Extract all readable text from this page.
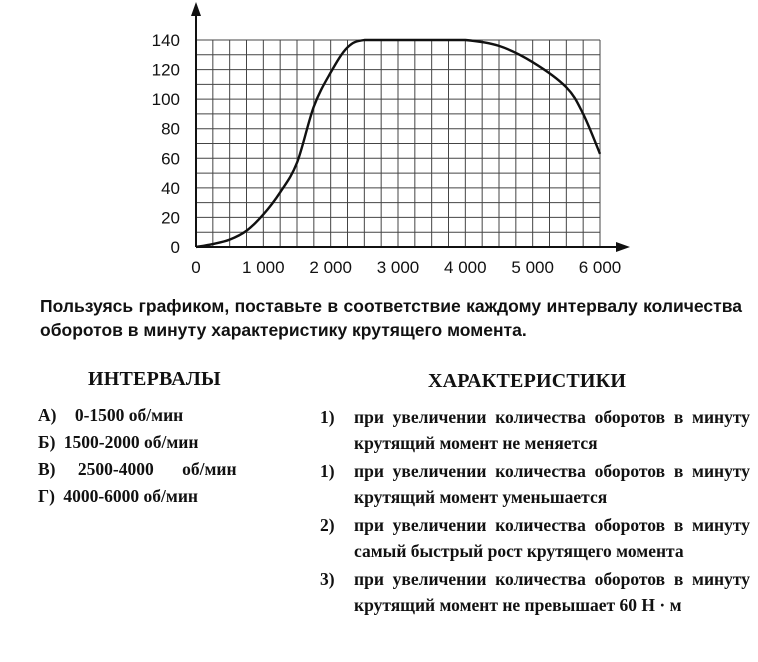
0 1 000 2 000 3 000 4 000 5 000 6 000
0
20
40
60
80
100
120
140
Пользуясь графиком, поставьте в соответствие каждому интервалу количества оборотов в минуту характеристику крутящего момента.
ИНТЕРВАЛЫ	ХАРАКТЕРИСТИКИ
А) 0-1500 об/мин
Б) 1500-2000 об/мин
В) 2500-4000 об/мин
Г) 4000-6000 об/мин
1)	при увеличении количества оборотов в минуту крутящий момент не меняется
1)	при увеличении количества оборотов в минуту крутящий момент уменьшается
2)	при увеличении количества оборотов в минуту самый быстрый рост крутящего момента
3)	при увеличении количества оборотов в минуту крутящий момент не превышает 60 Н · м
